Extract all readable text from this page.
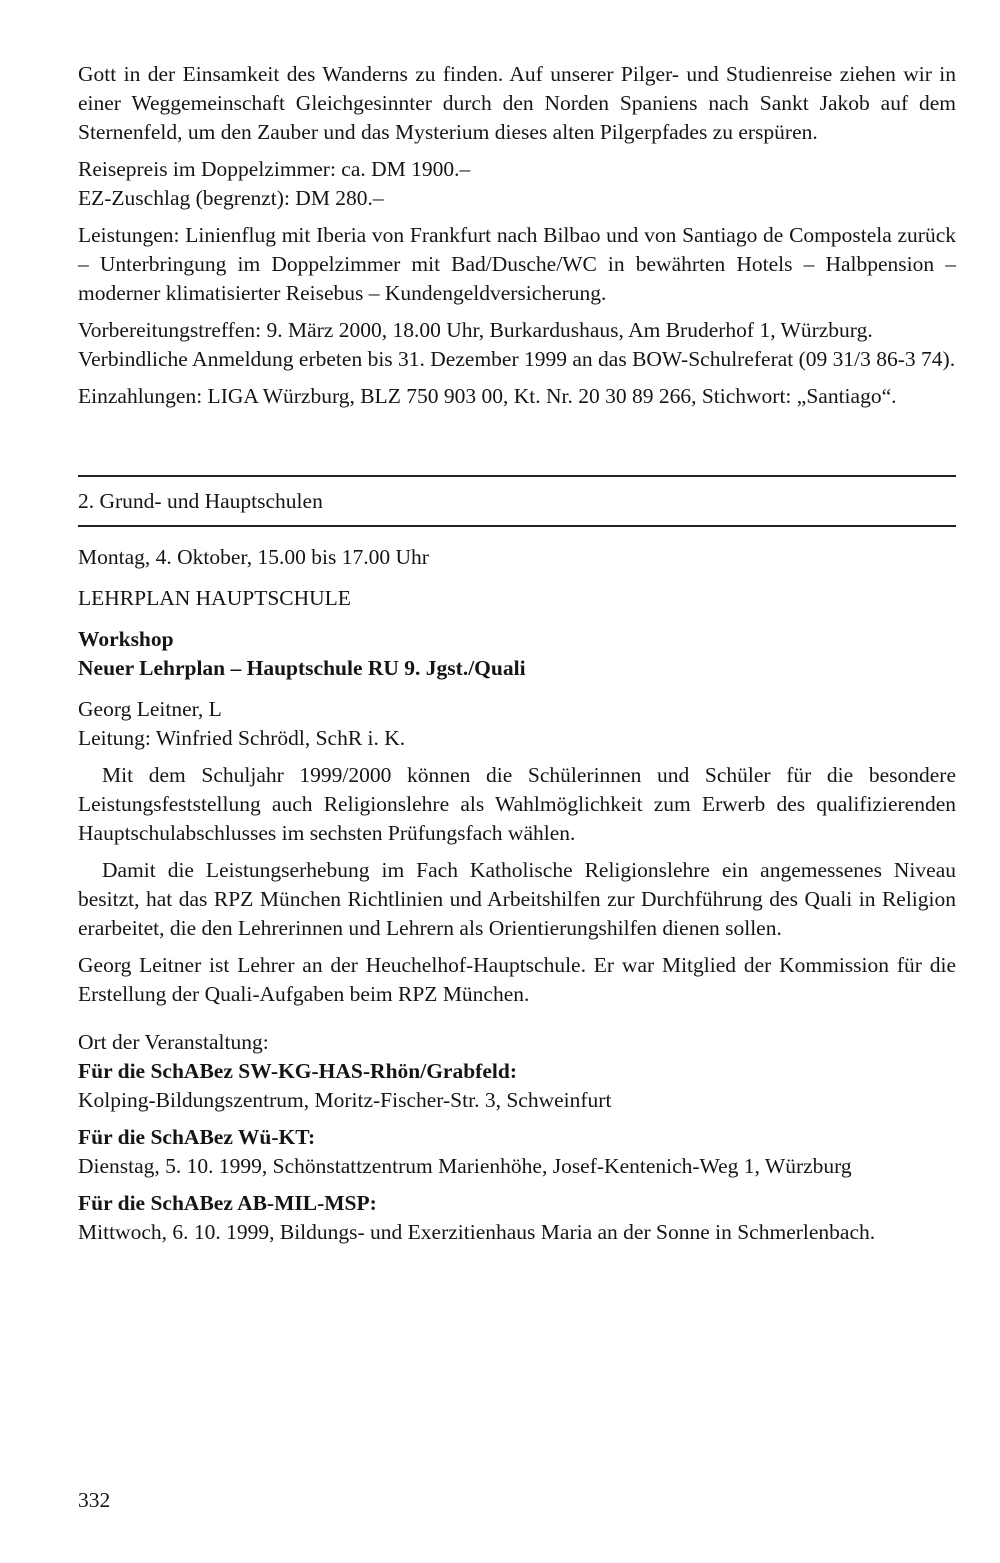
Gott in der Einsamkeit des Wanderns zu finden. Auf unserer Pilger- und Studienreise ziehen wir in einer Weggemeinschaft Gleichgesinnter durch den Norden Spaniens nach Sankt Jakob auf dem Sternenfeld, um den Zauber und das Mysterium dieses alten Pilgerpfades zu erspüren.

Reisepreis im Doppelzimmer: ca. DM 1900.–

EZ-Zuschlag (begrenzt): DM 280.–

Leistungen: Linienflug mit Iberia von Frankfurt nach Bilbao und von Santiago de Compostela zurück – Unterbringung im Doppelzimmer mit Bad/Dusche/WC in bewährten Hotels – Halbpension – moderner klimatisierter Reisebus – Kundengeldversicherung.

Vorbereitungstreffen: 9. März 2000, 18.00 Uhr, Burkardushaus, Am Bruderhof 1, Würzburg.

Verbindliche Anmeldung erbeten bis 31. Dezember 1999 an das BOW-Schulreferat (09 31/3 86-3 74).

Einzahlungen: LIGA Würzburg, BLZ 750 903 00, Kt. Nr. 20 30 89 266, Stichwort: „Santiago“.

2. Grund- und Hauptschulen

Montag, 4. Oktober, 15.00 bis 17.00 Uhr

LEHRPLAN HAUPTSCHULE

Workshop

Neuer Lehrplan – Hauptschule RU 9. Jgst./Quali

Georg Leitner, L

Leitung: Winfried Schrödl, SchR i. K.

Mit dem Schuljahr 1999/2000 können die Schülerinnen und Schüler für die besondere Leistungsfeststellung auch Religionslehre als Wahlmöglichkeit zum Erwerb des qualifizierenden Hauptschulabschlusses im sechsten Prüfungsfach wählen.

Damit die Leistungserhebung im Fach Katholische Religionslehre ein angemessenes Niveau besitzt, hat das RPZ München Richtlinien und Arbeitshilfen zur Durchführung des Quali in Religion erarbeitet, die den Lehrerinnen und Lehrern als Orientierungshilfen dienen sollen.

Georg Leitner ist Lehrer an der Heuchelhof-Hauptschule. Er war Mitglied der Kommission für die Erstellung der Quali-Aufgaben beim RPZ München.

Ort der Veranstaltung:

Für die SchABez SW-KG-HAS-Rhön/Grabfeld:

Kolping-Bildungszentrum, Moritz-Fischer-Str. 3, Schweinfurt

Für die SchABez Wü-KT:

Dienstag, 5. 10. 1999, Schönstattzentrum Marienhöhe, Josef-Kentenich-Weg 1, Würzburg

Für die SchABez AB-MIL-MSP:

Mittwoch, 6. 10. 1999, Bildungs- und Exerzitienhaus Maria an der Sonne in Schmerlenbach.

332
